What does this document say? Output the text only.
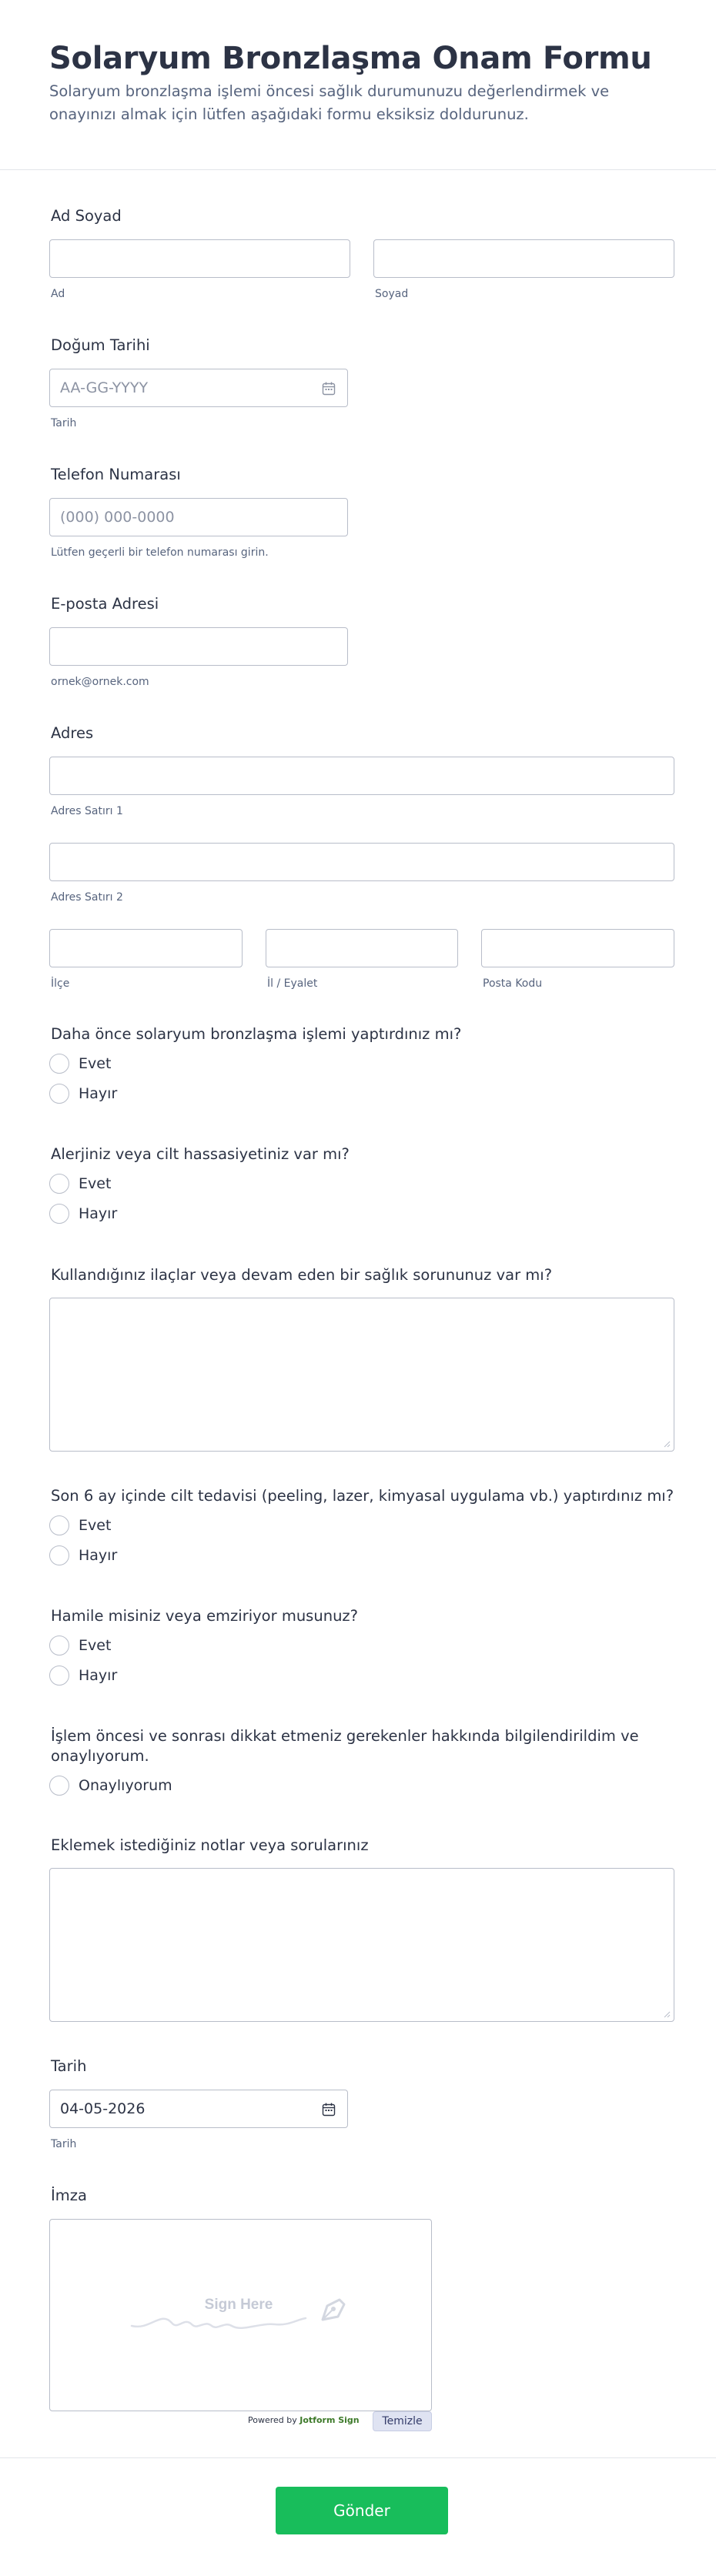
Solaryum Bronzlaşma Onam Formu
Solaryum bronzlaşma işlemi öncesi sağlık durumunuzu değerlendirmek ve onayınızı almak için lütfen aşağıdaki formu eksiksiz doldurunuz.
Ad Soyad
Ad	Soyad
Doğum Tarihi
AA-GG-YYYY
Tarih
Telefon Numarası
(000) 000-0000
Lütfen geçerli bir telefon numarası girin.
E-posta Adresi
ornek@ornek.com
Adres
Adres Satırı 1
Adres Satırı 2
İlçe	İl / Eyalet	Posta Kodu
Daha önce solaryum bronzlaşma işlemi yaptırdınız mı?
Evet
Hayır
Alerjiniz veya cilt hassasiyetiniz var mı?
Evet
Hayır
Kullandığınız ilaçlar veya devam eden bir sağlık sorununuz var mı?
Son 6 ay içinde cilt tedavisi (peeling, lazer, kimyasal uygulama vb.) yaptırdınız mı?
Evet
Hayır
Hamile misiniz veya emziriyor musunuz?
Evet
Hayır
İşlem öncesi ve sonrası dikkat etmeniz gerekenler hakkında bilgilendirildim ve onaylıyorum.
Onaylıyorum
Eklemek istediğiniz notlar veya sorularınız
Tarih
04-05-2026
Tarih
İmza
Sign Here
Powered by Jotform Sign	Temizle
Gönder
